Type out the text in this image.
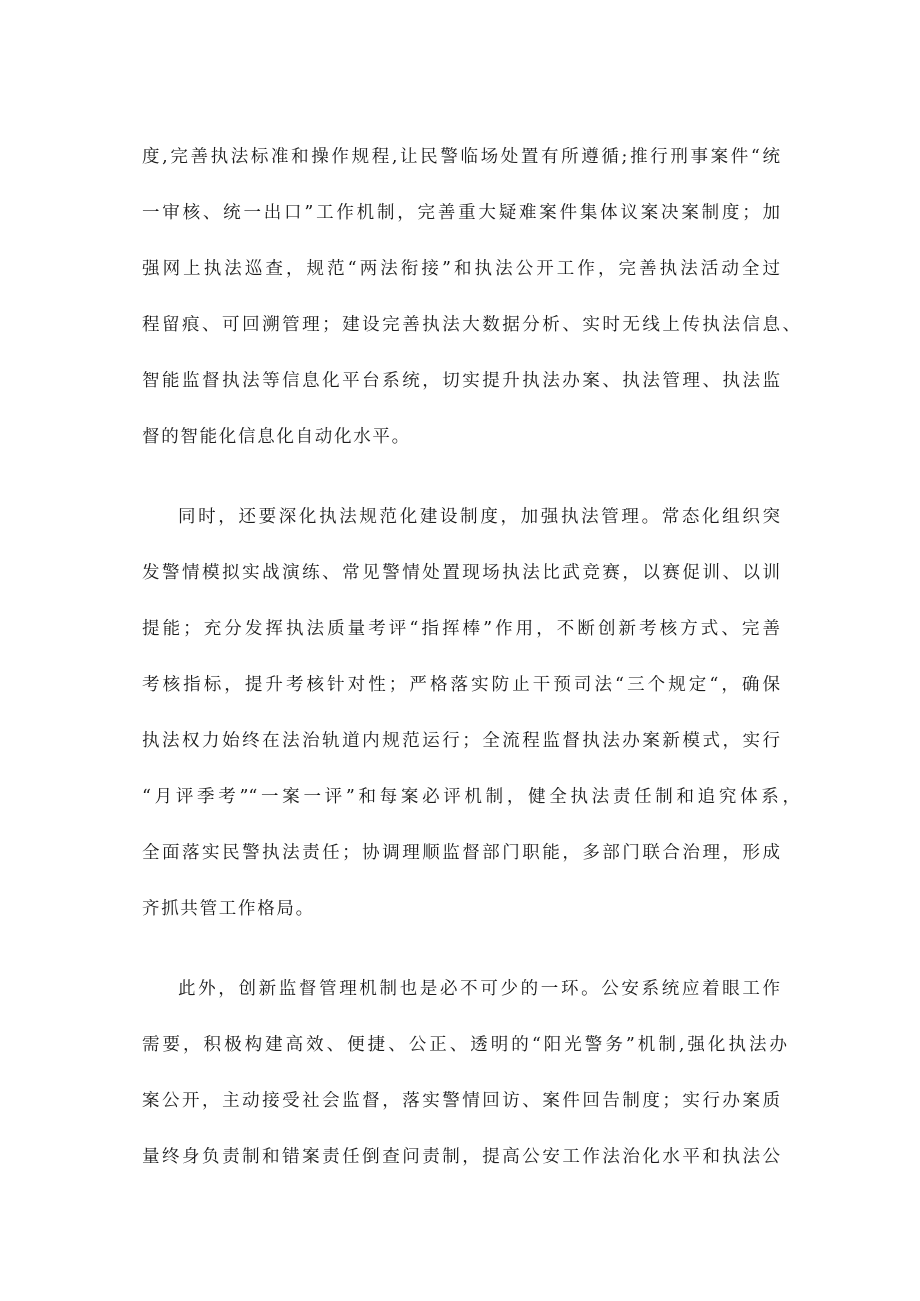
度,完善执法标准和操作规程,让民警临场处置有所遵循;推行刑事案件“统
一审核、统一出口”工作机制，完善重大疑难案件集体议案决案制度；加
强网上执法巡查，规范“两法衔接”和执法公开工作，完善执法活动全过
程留痕、可回溯管理；建设完善执法大数据分析、实时无线上传执法信息、
智能监督执法等信息化平台系统，切实提升执法办案、执法管理、执法监
督的智能化信息化自动化水平。
同时，还要深化执法规范化建设制度，加强执法管理。常态化组织突
发警情模拟实战演练、常见警情处置现场执法比武竞赛，以赛促训、以训
提能；充分发挥执法质量考评“指挥棒”作用，不断创新考核方式、完善
考核指标，提升考核针对性；严格落实防止干预司法“三个规定“，确保
执法权力始终在法治轨道内规范运行；全流程监督执法办案新模式，实行
“月评季考”“一案一评”和每案必评机制，健全执法责任制和追究体系，
全面落实民警执法责任；协调理顺监督部门职能，多部门联合治理，形成
齐抓共管工作格局。
此外，创新监督管理机制也是必不可少的一环。公安系统应着眼工作
需要，积极构建高效、便捷、公正、透明的“阳光警务”机制,强化执法办
案公开，主动接受社会监督，落实警情回访、案件回告制度；实行办案质
量终身负责制和错案责任倒查问责制，提高公安工作法治化水平和执法公
